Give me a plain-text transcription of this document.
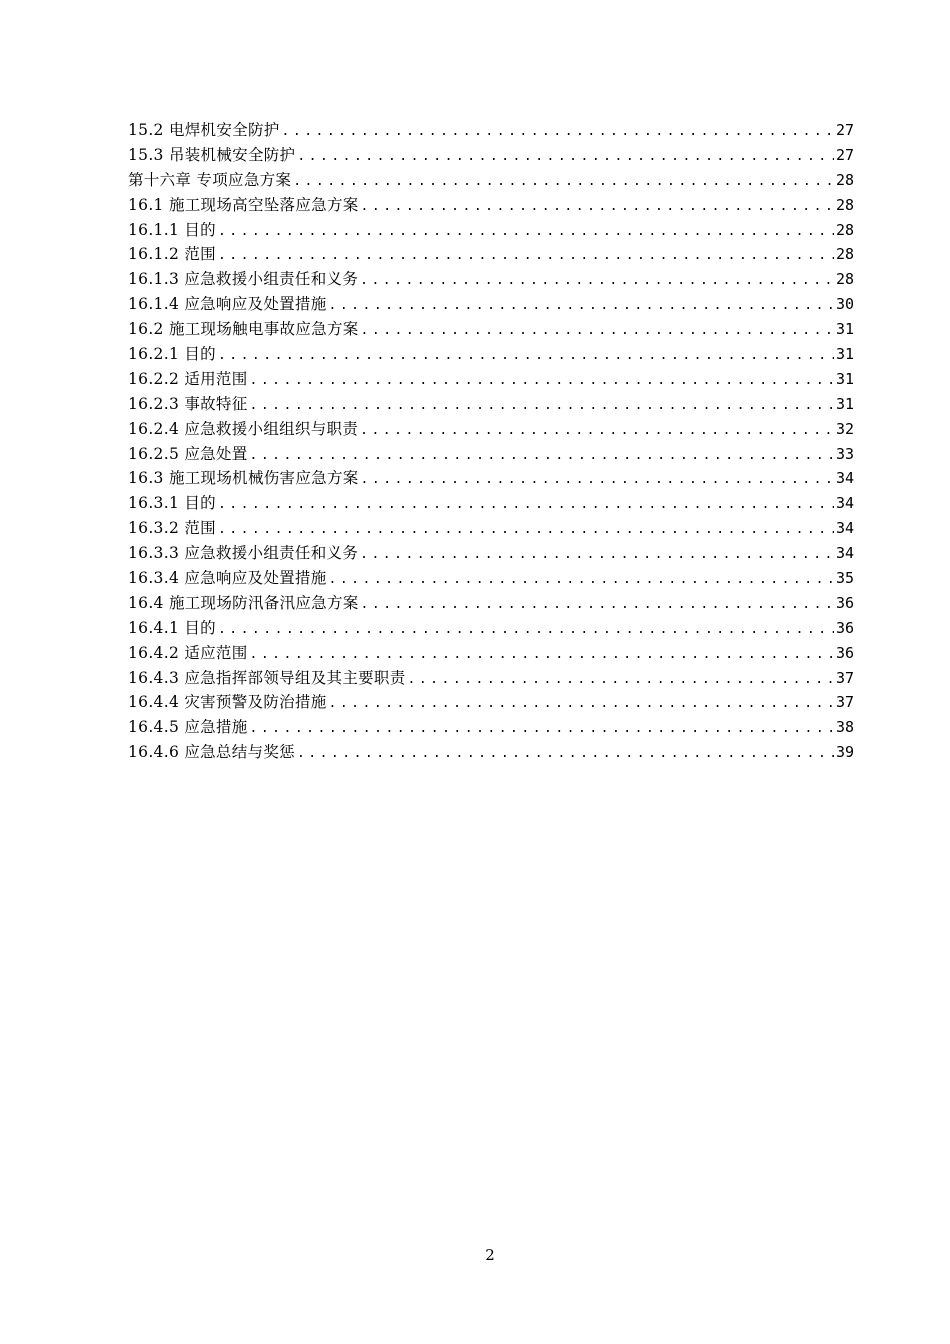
15.2 电焊机安全防护 .....	27
15.3 吊装机械安全防护 .....	27
第十六章 专项应急方案 .....	28
16.1 施工现场高空坠落应急方案 .....	28
16.1.1 目的 .....	28
16.1.2 范围 .....	28
16.1.3 应急救援小组责任和义务 .....	28
16.1.4 应急响应及处置措施 .....	30
16.2 施工现场触电事故应急方案 .....	31
16.2.1 目的 .....	31
16.2.2 适用范围 .....	31
16.2.3 事故特征 .....	31
16.2.4 应急救援小组组织与职责 .....	32
16.2.5 应急处置 .....	33
16.3 施工现场机械伤害应急方案 .....	34
16.3.1 目的 .....	34
16.3.2 范围 .....	34
16.3.3 应急救援小组责任和义务 .....	34
16.3.4 应急响应及处置措施 .....	35
16.4 施工现场防汛备汛应急方案 .....	36
16.4.1 目的 .....	36
16.4.2 适应范围 .....	36
16.4.3 应急指挥部领导组及其主要职责 .....	37
16.4.4 灾害预警及防治措施 .....	37
16.4.5 应急措施 .....	38
16.4.6 应急总结与奖惩 .....	39
2
